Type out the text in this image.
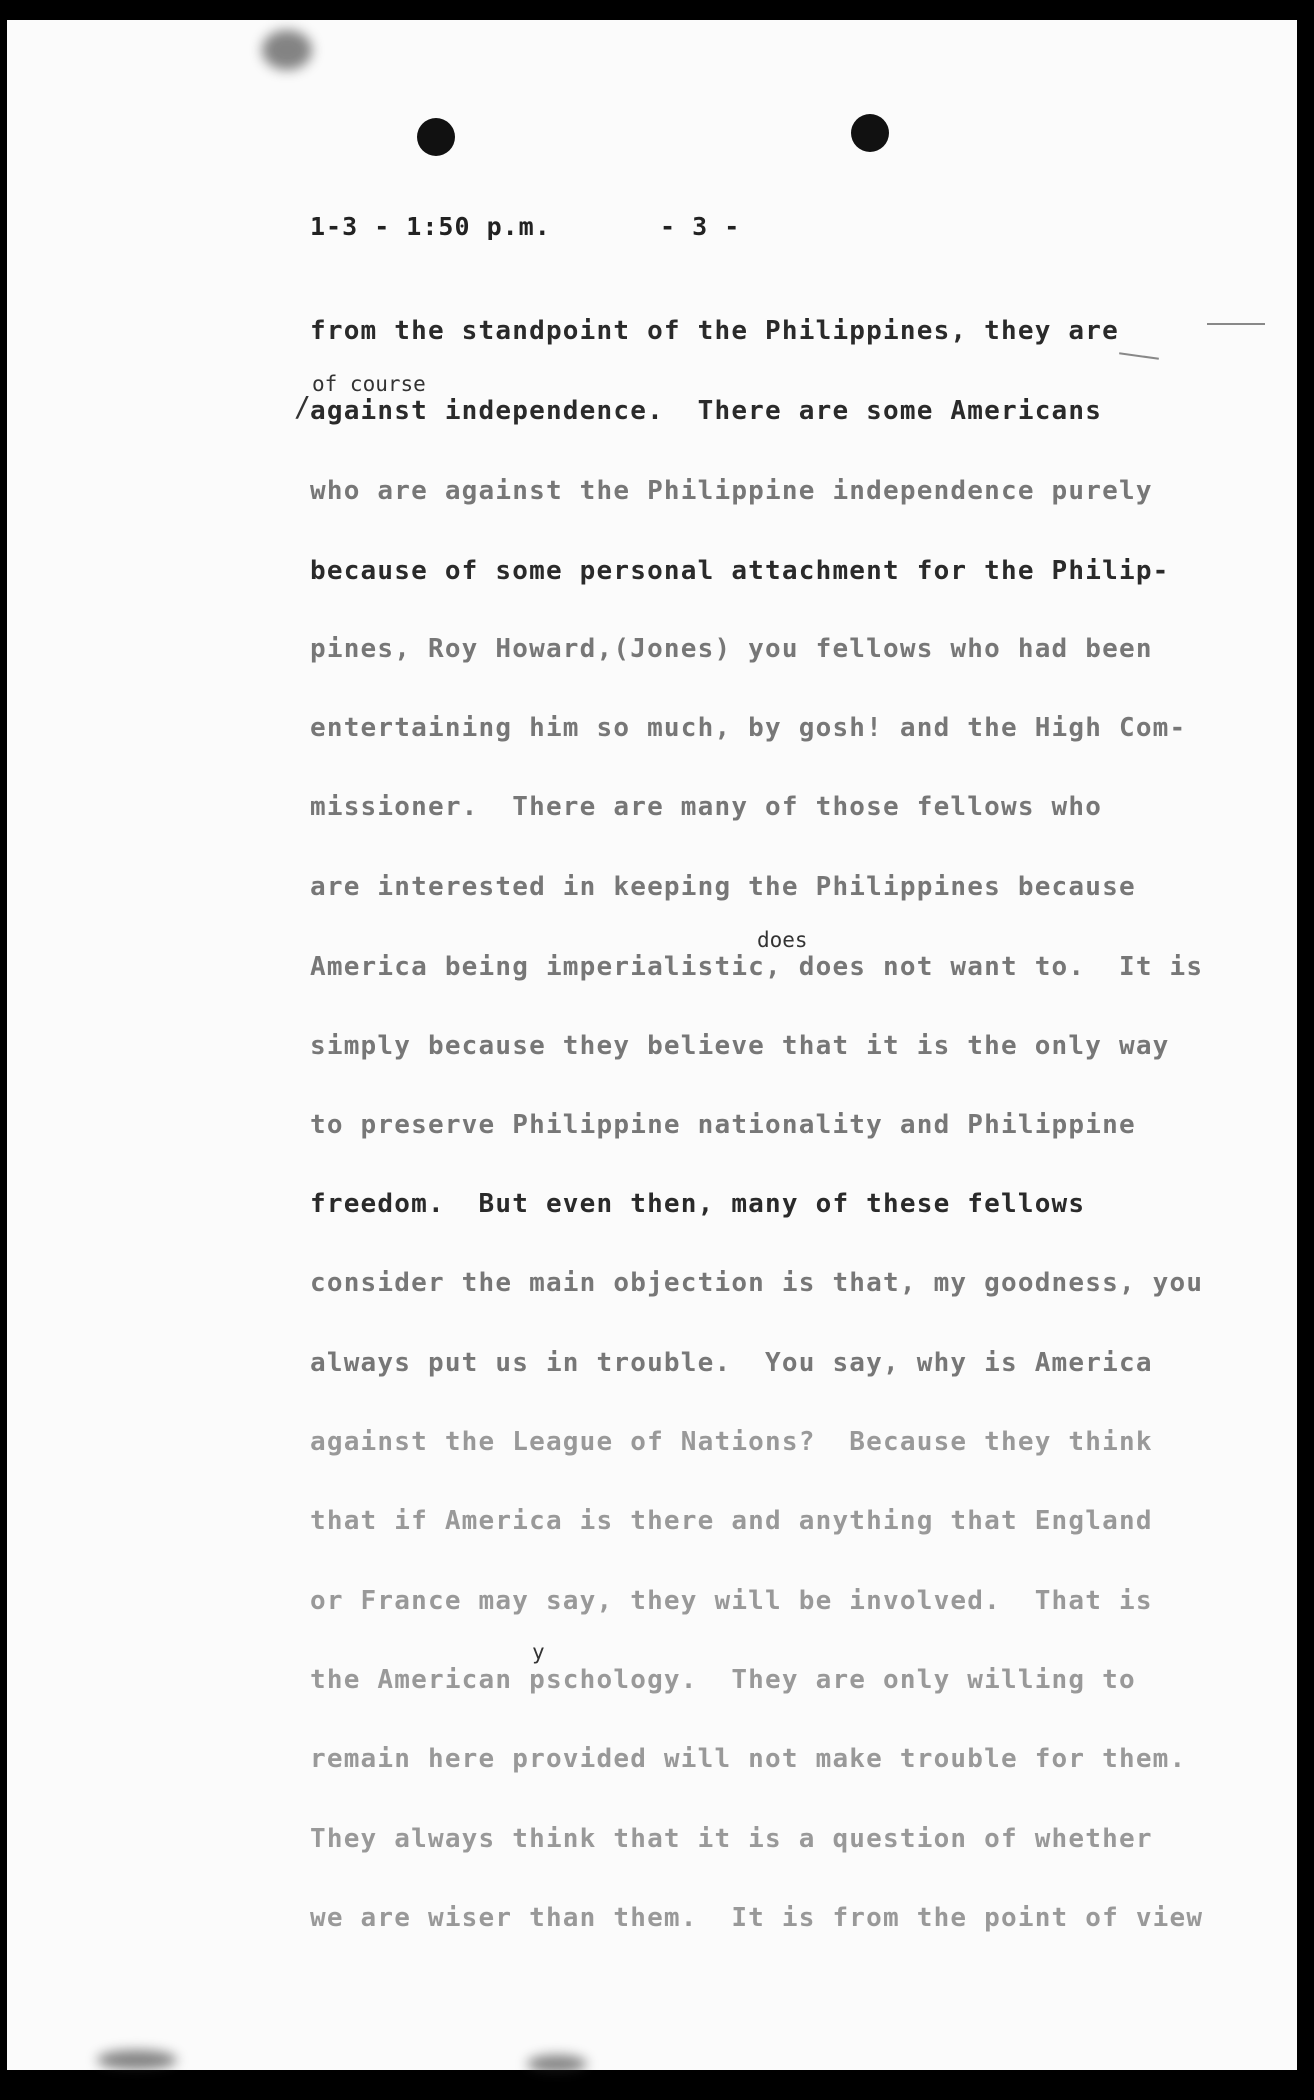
1-3 - 1:50 p.m.	- 3 -
from the standpoint of the Philippines, they are
of course
/ against independence.  There are some Americans
who are against the Philippine independence purely
because of some personal attachment for the Philip-
pines, Roy Howard,(Jones) you fellows who had been
entertaining him so much, by gosh! and the High Com-
missioner.  There are many of those fellows who
are interested in keeping the Philippines because
does
America being imperialistic, does not want to.  It is
simply because they believe that it is the only way
to preserve Philippine nationality and Philippine
freedom.  But even then, many of these fellows
consider the main objection is that, my goodness, you
always put us in trouble.  You say, why is America
against the League of Nations?  Because they think
that if America is there and anything that England
or France may say, they will be involved.  That is
y
the American pschology.  They are only willing to
remain here provided will not make trouble for them.
They always think that it is a question of whether
we are wiser than them.  It is from the point of view
